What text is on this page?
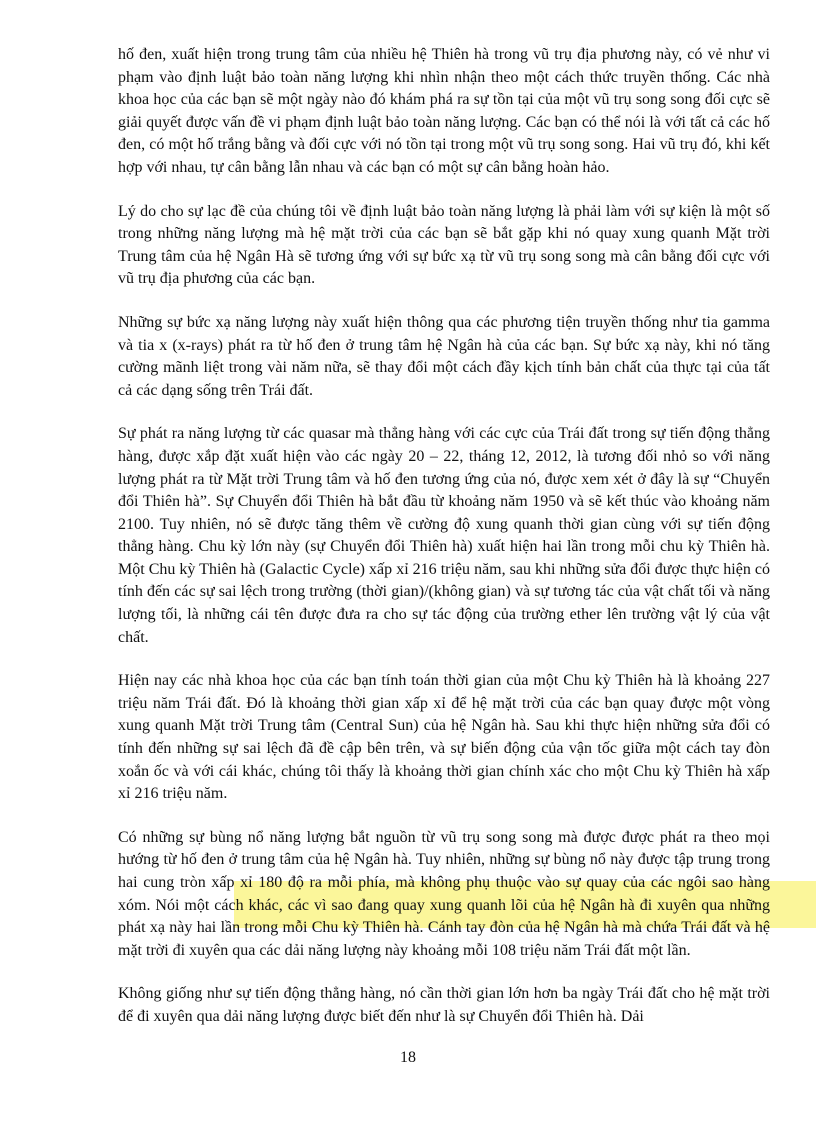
hố đen, xuất hiện trong trung tâm của nhiều hệ Thiên hà trong vũ trụ địa phương này, có vẻ như vi phạm vào định luật bảo toàn năng lượng khi nhìn nhận theo một cách thức truyền thống. Các nhà khoa học của các bạn sẽ một ngày nào đó khám phá ra sự tồn tại của một vũ trụ song song đối cực sẽ giải quyết được vấn đề vi phạm định luật bảo toàn năng lượng. Các bạn có thể nói là với tất cả các hố đen, có một hố trắng bằng và đối cực với nó tồn tại trong một vũ trụ song song. Hai vũ trụ đó, khi kết hợp với nhau, tự cân bằng lẫn nhau và các bạn có một sự cân bằng hoàn hảo.

Lý do cho sự lạc đề của chúng tôi về định luật bảo toàn năng lượng là phải làm với sự kiện là một số trong những năng lượng mà hệ mặt trời của các bạn sẽ bắt gặp khi nó quay xung quanh Mặt trời Trung tâm của hệ Ngân Hà sẽ tương ứng với sự bức xạ từ vũ trụ song song mà cân bằng đối cực với vũ trụ địa phương của các bạn.

Những sự bức xạ năng lượng này xuất hiện thông qua các phương tiện truyền thống như tia gamma và tia x (x-rays) phát ra từ hố đen ở trung tâm hệ Ngân hà của các bạn. Sự bức xạ này, khi nó tăng cường mãnh liệt trong vài năm nữa, sẽ thay đổi một cách đầy kịch tính bản chất của thực tại của tất cả các dạng sống trên Trái đất.

Sự phát ra năng lượng từ các quasar mà thẳng hàng với các cực của Trái đất trong sự tiến động thẳng hàng, được xắp đặt xuất hiện vào các ngày 20 – 22, tháng 12, 2012, là tương đối nhỏ so với năng lượng phát ra từ Mặt trời Trung tâm và hố đen tương ứng của nó, được xem xét ở đây là sự “Chuyển đổi Thiên hà”. Sự Chuyển đổi Thiên hà bắt đầu từ khoảng năm 1950 và sẽ kết thúc vào khoảng năm 2100. Tuy nhiên, nó sẽ được tăng thêm về cường độ xung quanh thời gian cùng với sự tiến động thẳng hàng. Chu kỳ lớn này (sự Chuyển đổi Thiên hà) xuất hiện hai lần trong mỗi chu kỳ Thiên hà. Một Chu kỳ Thiên hà (Galactic Cycle) xấp xỉ 216 triệu năm, sau khi những sửa đổi được thực hiện có tính đến các sự sai lệch trong trường (thời gian)/(không gian) và sự tương tác của vật chất tối và năng lượng tối, là những cái tên được đưa ra cho sự tác động của trường ether lên trường vật lý của vật chất.

Hiện nay các nhà khoa học của các bạn tính toán thời gian của một Chu kỳ Thiên hà là khoảng 227 triệu năm Trái đất. Đó là khoảng thời gian xấp xỉ để hệ mặt trời của các bạn quay được một vòng xung quanh Mặt trời Trung tâm (Central Sun) của hệ Ngân hà. Sau khi thực hiện những sửa đổi có tính đến những sự sai lệch đã đề cập bên trên, và sự biến động của vận tốc giữa một cách tay đòn xoắn ốc và với cái khác, chúng tôi thấy là khoảng thời gian chính xác cho một Chu kỳ Thiên hà xấp xỉ 216 triệu năm.

Có những sự bùng nổ năng lượng bắt nguồn từ vũ trụ song song mà được được phát ra theo mọi hướng từ hố đen ở trung tâm của hệ Ngân hà. Tuy nhiên, những sự bùng nổ này được tập trung trong hai cung tròn xấp xỉ 180 độ ra mỗi phía, mà không phụ thuộc vào sự quay của các ngôi sao hàng xóm. Nói một cách khác, các vì sao đang quay xung quanh lõi của hệ Ngân hà đi xuyên qua những phát xạ này hai lần trong mỗi Chu kỳ Thiên hà. Cánh tay đòn của hệ Ngân hà mà chứa Trái đất và hệ mặt trời đi xuyên qua các dải năng lượng này khoảng mỗi 108 triệu năm Trái đất một lần.

Không giống như sự tiến động thẳng hàng, nó cần thời gian lớn hơn ba ngày Trái đất cho hệ mặt trời để đi xuyên qua dải năng lượng được biết đến như là sự Chuyển đổi Thiên hà. Dải

18
